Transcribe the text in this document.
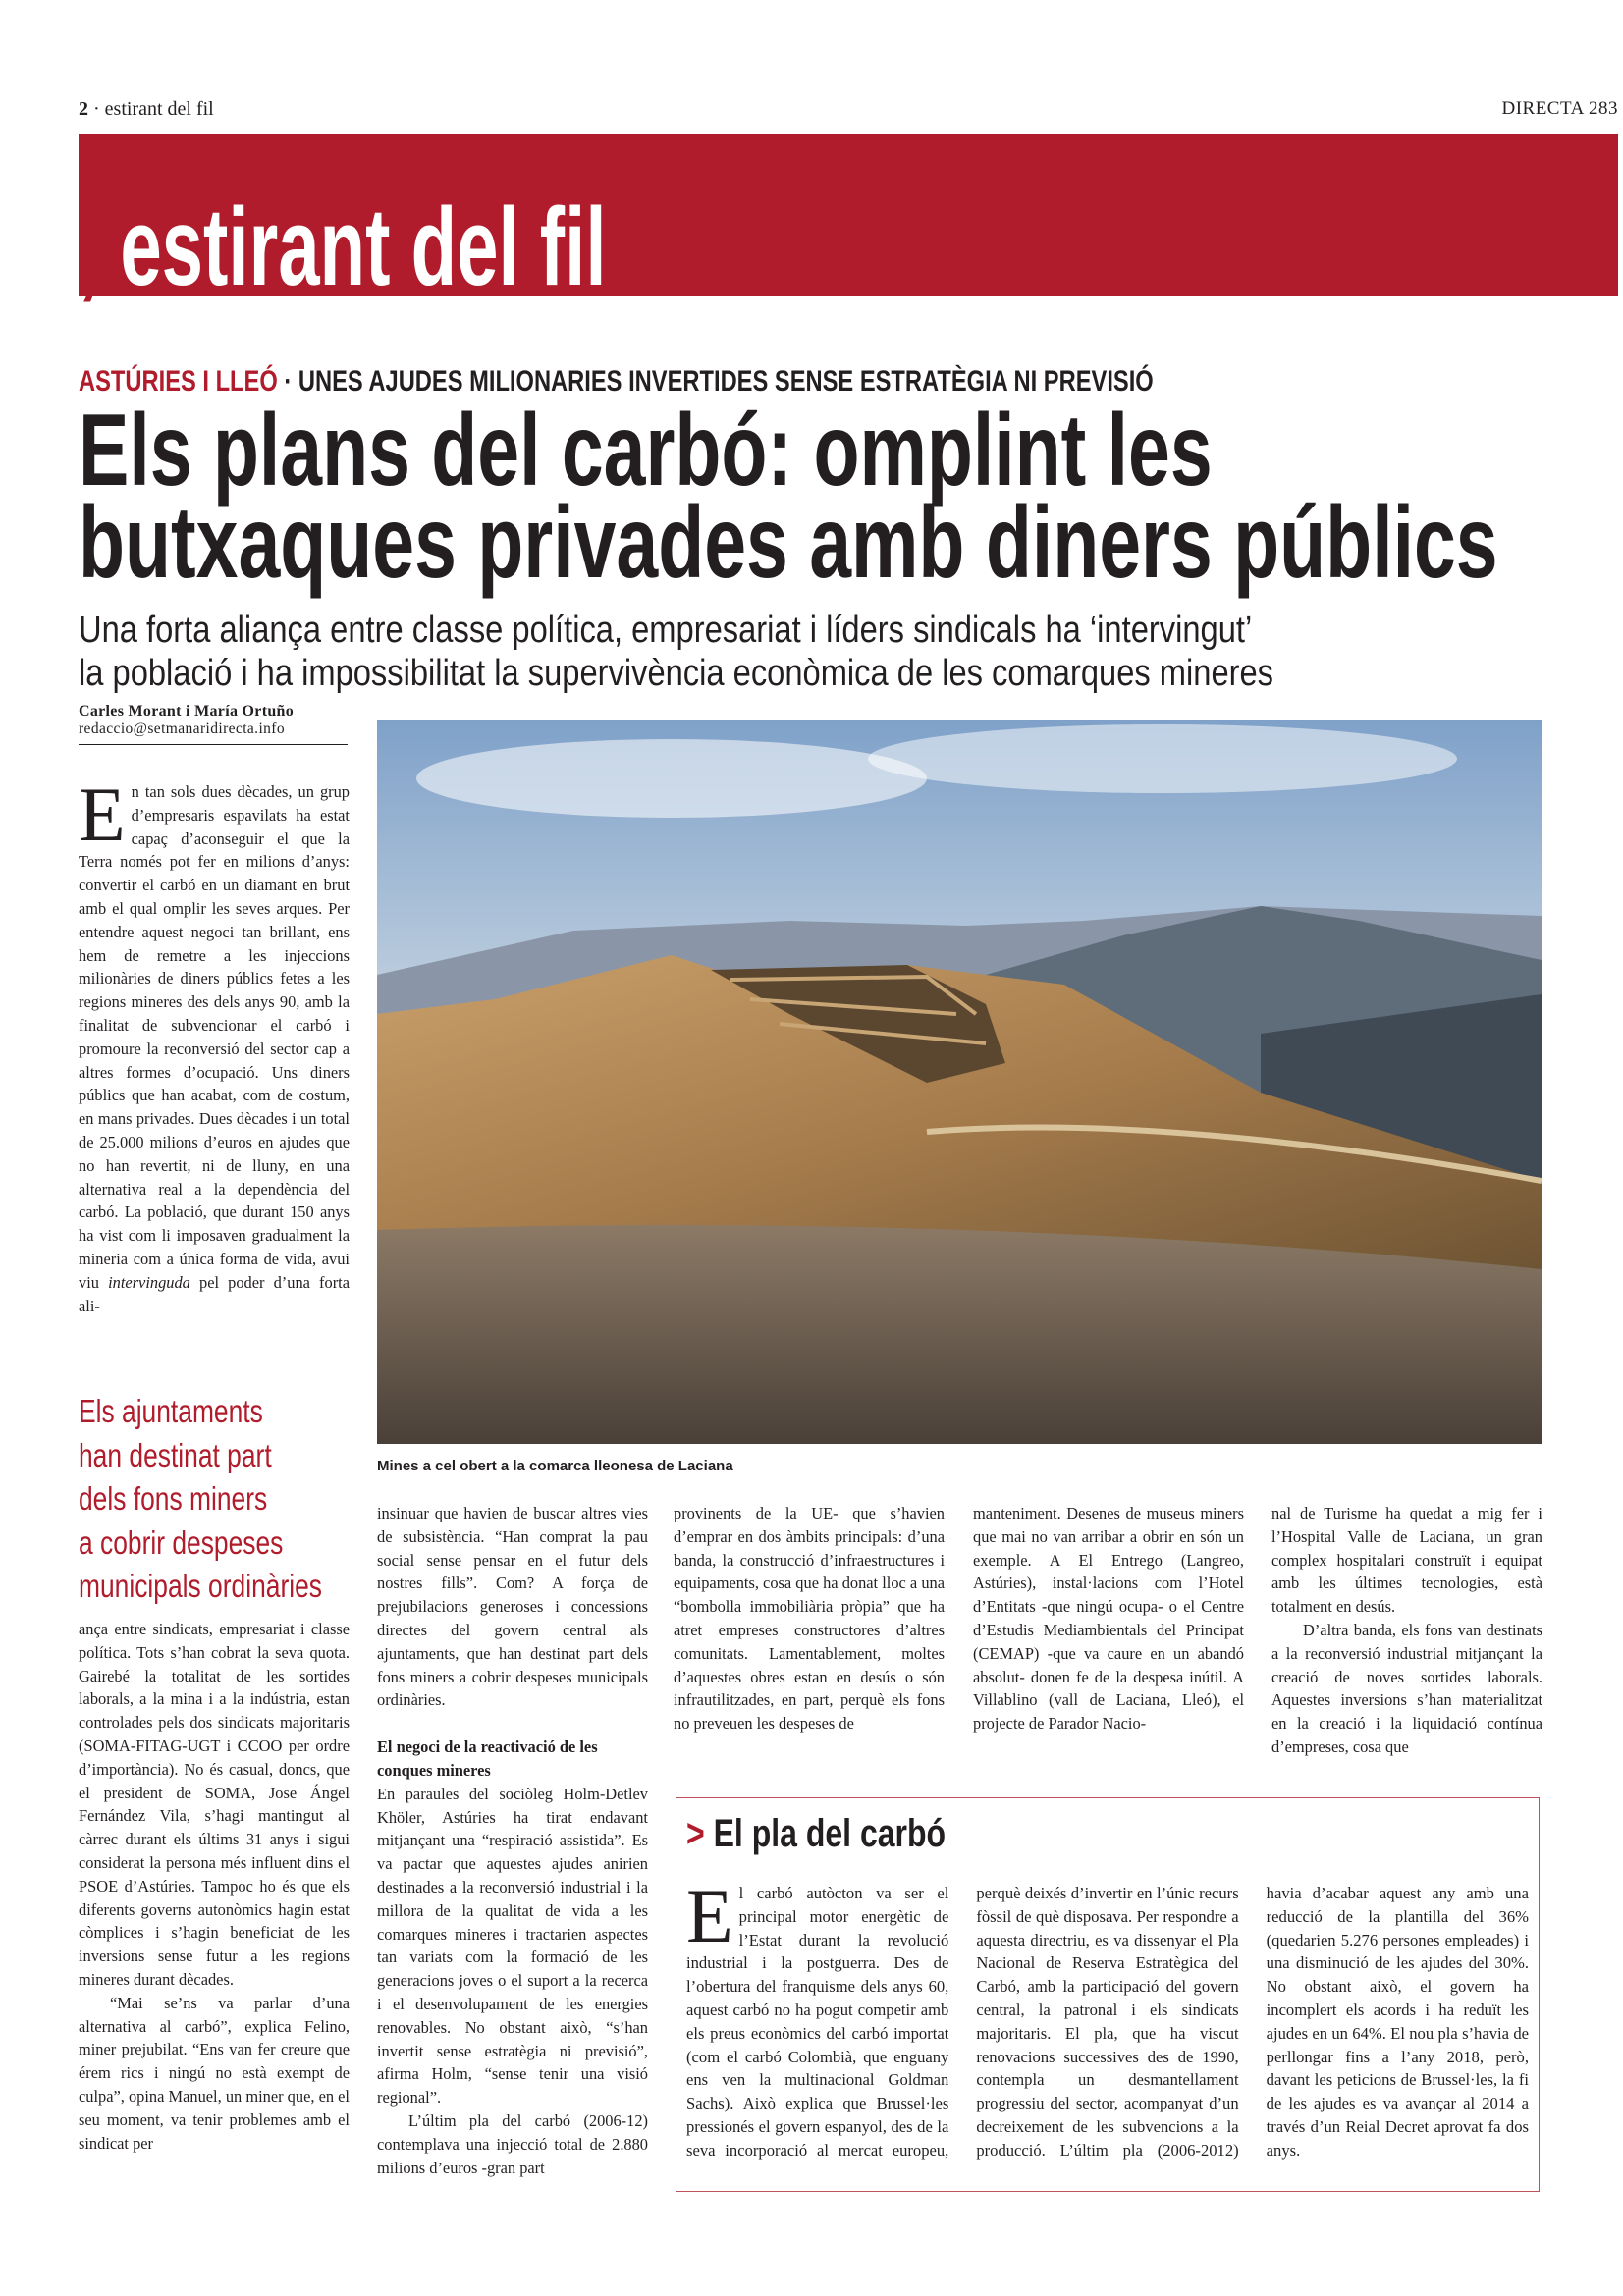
2 · estirant del fil	DIRECTA 283
, estirant del fil
ASTÚRIES I LLEÓ · UNES AJUDES MILIONARIES INVERTIDES SENSE ESTRATÈGIA NI PREVISIÓ
Els plans del carbó: omplint les
butxaques privades amb diners públics
Una forta aliança entre classe política, empresariat i líders sindicals ha ‘intervingut’
la població i ha impossibilitat la supervivència econòmica de les comarques mineres
Carles Morant i María Ortuño
redaccio@setmanaridirecta.info
Mines a cel obert a la comarca lleonesa de Laciana

En tan sols dues dècades, un grup d’empresaris espavilats ha estat capaç d’aconseguir el que la Terra només pot fer en milions d’anys: convertir el carbó en un diamant en brut amb el qual omplir les seves arques. Per entendre aquest negoci tan brillant, ens hem de remetre a les injeccions milionàries de diners públics fetes a les regions mineres des dels anys 90, amb la finalitat de subvencionar el carbó i promoure la reconversió del sector cap a altres formes d’ocupació. Uns diners públics que han acabat, com de costum, en mans privades. Dues dècades i un total de 25.000 milions d’euros en ajudes que no han revertit, ni de lluny, en una alternativa real a la dependència del carbó. La població, que durant 150 anys ha vist com li imposaven gradualment la mineria com a única forma de vida, avui viu intervinguda pel poder d’una forta ali-

Els ajuntaments
han destinat part
dels fons miners
a cobrir despeses
municipals ordinàries

ança entre sindicats, empresariat i classe política. Tots s’han cobrat la seva quota. Gairebé la totalitat de les sortides laborals, a la mina i a la indústria, estan controlades pels dos sindicats majoritaris (SOMA-FITAG-UGT i CCOO per ordre d’importància). No és casual, doncs, que el president de SOMA, Jose Ángel Fernández Vila, s’hagi mantingut al càrrec durant els últims 31 anys i sigui considerat la persona més influent dins el PSOE d’Astúries. Tampoc ho és que els diferents governs autonòmics hagin estat còmplices i s’hagin beneficiat de les inversions sense futur a les regions mineres durant dècades.

“Mai se’ns va parlar d’una alternativa al carbó”, explica Felino, miner prejubilat. “Ens van fer creure que érem rics i ningú no està exempt de culpa”, opina Manuel, un miner que, en el seu moment, va tenir problemes amb el sindicat per

insinuar que havien de buscar altres vies de subsistència. “Han comprat la pau social sense pensar en el futur dels nostres fills”. Com? A força de prejubilacions generoses i concessions directes del govern central als ajuntaments, que han destinat part dels fons miners a cobrir despeses municipals ordinàries.

El negoci de la reactivació de les conques mineres

En paraules del sociòleg Holm-Detlev Khöler, Astúries ha tirat endavant mitjançant una “respiració assistida”. Es va pactar que aquestes ajudes anirien destinades a la reconversió industrial i la millora de la qualitat de vida a les comarques mineres i tractarien aspectes tan variats com la formació de les generacions joves o el suport a la recerca i el desenvolupament de les energies renovables. No obstant això, “s’han invertit sense estratègia ni previsió”, afirma Holm, “sense tenir una visió regional”.

L’últim pla del carbó (2006-12) contemplava una injecció total de 2.880 milions d’euros -gran part

provinents de la UE- que s’havien d’emprar en dos àmbits principals: d’una banda, la construcció d’infraestructures i equipaments, cosa que ha donat lloc a una “bombolla immobiliària pròpia” que ha atret empreses constructores d’altres comunitats. Lamentablement, moltes d’aquestes obres estan en desús o són infrautilitzades, en part, perquè els fons no preveuen les despeses de

manteniment. Desenes de museus miners que mai no van arribar a obrir en són un exemple. A El Entrego (Langreo, Astúries), instal·lacions com l’Hotel d’Entitats -que ningú ocupa- o el Centre d’Estudis Mediambientals del Principat (CEMAP) -que va caure en un abandó absolut- donen fe de la despesa inútil. A Villablino (vall de Laciana, Lleó), el projecte de Parador Nacio-

nal de Turisme ha quedat a mig fer i l’Hospital Valle de Laciana, un gran complex hospitalari construït i equipat amb les últimes tecnologies, està totalment en desús.

D’altra banda, els fons van destinats a la reconversió industrial mitjançant la creació de noves sortides laborals. Aquestes inversions s’han materialitzat en la creació i la liquidació contínua d’empreses, cosa que

> El pla del carbó

El carbó autòcton va ser el principal motor energètic de l’Estat durant la revolució industrial i la postguerra. Des de l’obertura del franquisme dels anys 60, aquest carbó no ha pogut competir amb els preus econòmics del carbó importat (com el carbó Colombià, que enguany ens ven la multinacional Goldman Sachs). Això explica que Brussel·les pressionés el govern espanyol, des de la seva incorporació al mercat europeu, perquè deixés d’invertir en l’únic recurs fòssil de què disposava. Per respondre a aquesta directriu, es va dissenyar el Pla Nacional de Reserva Estratègica del Carbó, amb la participació del govern central, la patronal i els sindicats majoritaris. El pla, que ha viscut renovacions successives des de 1990, contempla un desmantellament progressiu del sector, acompanyat d’un decreixement de les subvencions a la producció. L’últim pla (2006-2012) havia d’acabar aquest any amb una reducció de la plantilla del 36% (quedarien 5.276 persones empleades) i una disminució de les ajudes del 30%. No obstant això, el govern ha incomplert els acords i ha reduït les ajudes en un 64%. El nou pla s’havia de perllongar fins a l’any 2018, però, davant les peticions de Brussel·les, la fi de les ajudes es va avançar al 2014 a través d’un Reial Decret aprovat fa dos anys.
